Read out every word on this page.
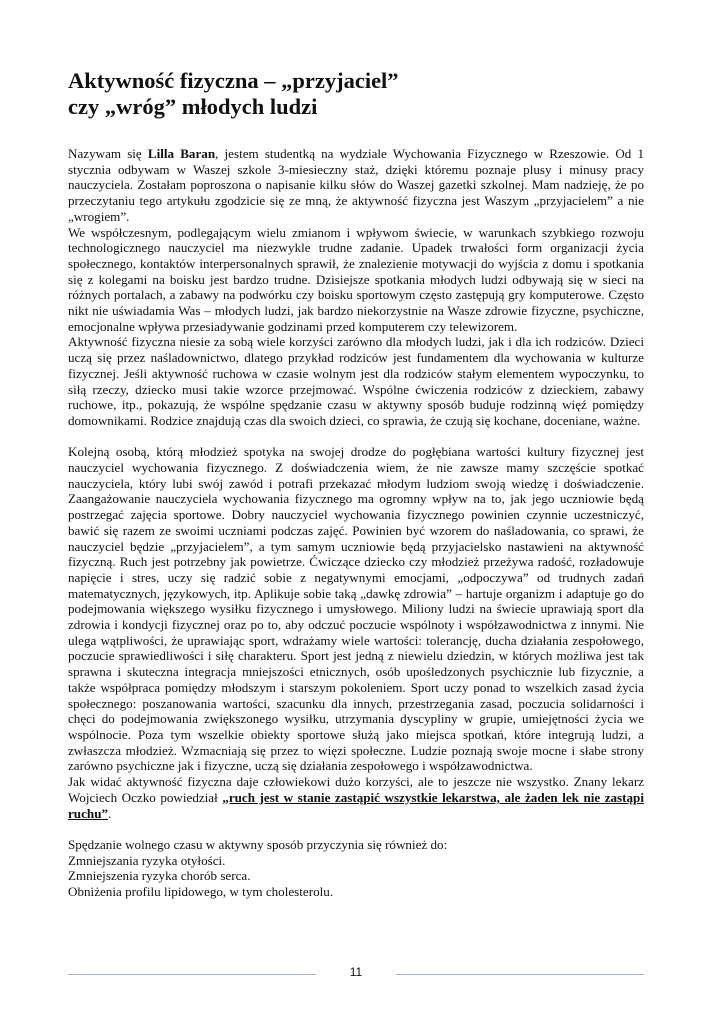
Aktywność fizyczna – „przyjaciel”
czy „wróg” młodych ludzi

Nazywam się Lilla Baran, jestem studentką na wydziale Wychowania Fizycznego w Rzeszowie. Od 1 stycznia odbywam w Waszej szkole 3-miesieczny staż, dzięki któremu poznaje plusy i minusy pracy nauczyciela. Zostałam poproszona o napisanie kilku słów do Waszej gazetki szkolnej. Mam nadzieję, że po przeczytaniu tego artykułu zgodzicie się ze mną, że aktywność fizyczna jest Waszym „przyjacielem” a nie „wrogiem”.

We współczesnym, podlegającym wielu zmianom i wpływom świecie, w warunkach szybkiego rozwoju technologicznego nauczyciel ma niezwykle trudne zadanie. Upadek trwałości form organizacji życia społecznego, kontaktów interpersonalnych sprawił, że znalezienie motywacji do wyjścia z domu i spotkania się z kolegami na boisku jest bardzo trudne. Dzisiejsze spotkania młodych ludzi odbywają się w sieci na różnych portalach, a zabawy na podwórku czy boisku sportowym często zastępują gry komputerowe. Często nikt nie uświadamia Was – młodych ludzi, jak bardzo niekorzystnie na Wasze zdrowie fizyczne, psychiczne, emocjonalne wpływa przesiadywanie godzinami przed komputerem czy telewizorem.

Aktywność fizyczna niesie za sobą wiele korzyści zarówno dla młodych ludzi, jak i dla ich rodziców. Dzieci uczą się przez naśladownictwo, dlatego przykład rodziców jest fundamentem dla wychowania w kulturze fizycznej. Jeśli aktywność ruchowa w czasie wolnym jest dla rodziców stałym elementem wypoczynku, to siłą rzeczy, dziecko musi takie wzorce przejmować. Wspólne ćwiczenia rodziców z dzieckiem, zabawy ruchowe, itp., pokazują, że wspólne spędzanie czasu w aktywny sposób buduje rodzinną więź pomiędzy domownikami. Rodzice znajdują czas dla swoich dzieci, co sprawia, że czują się kochane, doceniane, ważne.

Kolejną osobą, którą młodzież spotyka na swojej drodze do pogłębiana wartości kultury fizycznej jest nauczyciel wychowania fizycznego. Z doświadczenia wiem, że nie zawsze mamy szczęście spotkać nauczyciela, który lubi swój zawód i potrafi przekazać młodym ludziom swoją wiedzę i doświadczenie. Zaangażowanie nauczyciela wychowania fizycznego ma ogromny wpływ na to, jak jego uczniowie będą postrzegać zajęcia sportowe. Dobry nauczyciel wychowania fizycznego powinien czynnie uczestniczyć, bawić się razem ze swoimi uczniami podczas zajęć. Powinien być wzorem do naśladowania, co sprawi, że nauczyciel będzie „przyjacielem”, a tym samym uczniowie będą przyjacielsko nastawieni na aktywność fizyczną. Ruch jest potrzebny jak powietrze. Ćwiczące dziecko czy młodzież przeżywa radość, rozładowuje napięcie i stres, uczy się radzić sobie z negatywnymi emocjami, „odpoczywa” od trudnych zadań matematycznych, językowych, itp. Aplikuje sobie taką „dawkę zdrowia” – hartuje organizm i adaptuje go do podejmowania większego wysiłku fizycznego i umysłowego. Miliony ludzi na świecie uprawiają sport dla zdrowia i kondycji fizycznej oraz po to, aby odczuć poczucie wspólnoty i współzawodnictwa z innymi. Nie ulega wątpliwości, że uprawiając sport, wdrażamy wiele wartości: tolerancję, ducha działania zespołowego, poczucie sprawiedliwości i siłę charakteru. Sport jest jedną z niewielu dziedzin, w których możliwa jest tak sprawna i skuteczna integracja mniejszości etnicznych, osób upośledzonych psychicznie lub fizycznie, a także współpraca pomiędzy młodszym i starszym pokoleniem. Sport uczy ponad to wszelkich zasad życia społecznego: poszanowania wartości, szacunku dla innych, przestrzegania zasad, poczucia solidarności i chęci do podejmowania zwiększonego wysiłku, utrzymania dyscypliny w grupie, umiejętności życia we wspólnocie. Poza tym wszelkie obiekty sportowe służą jako miejsca spotkań, które integrują ludzi, a zwłaszcza młodzież. Wzmacniają się przez to więzi społeczne. Ludzie poznają swoje mocne i słabe strony zarówno psychiczne jak i fizyczne, uczą się działania zespołowego i współzawodnictwa.

Jak widać aktywność fizyczna daje człowiekowi dużo korzyści, ale to jeszcze nie wszystko. Znany lekarz Wojciech Oczko powiedział „ruch jest w stanie zastąpić wszystkie lekarstwa, ale żaden lek nie zastąpi ruchu”.

Spędzanie wolnego czasu w aktywny sposób przyczynia się również do:

Zmniejszania ryzyka otyłości.

Zmniejszenia ryzyka chorób serca.

Obniżenia profilu lipidowego, w tym cholesterolu.

11
